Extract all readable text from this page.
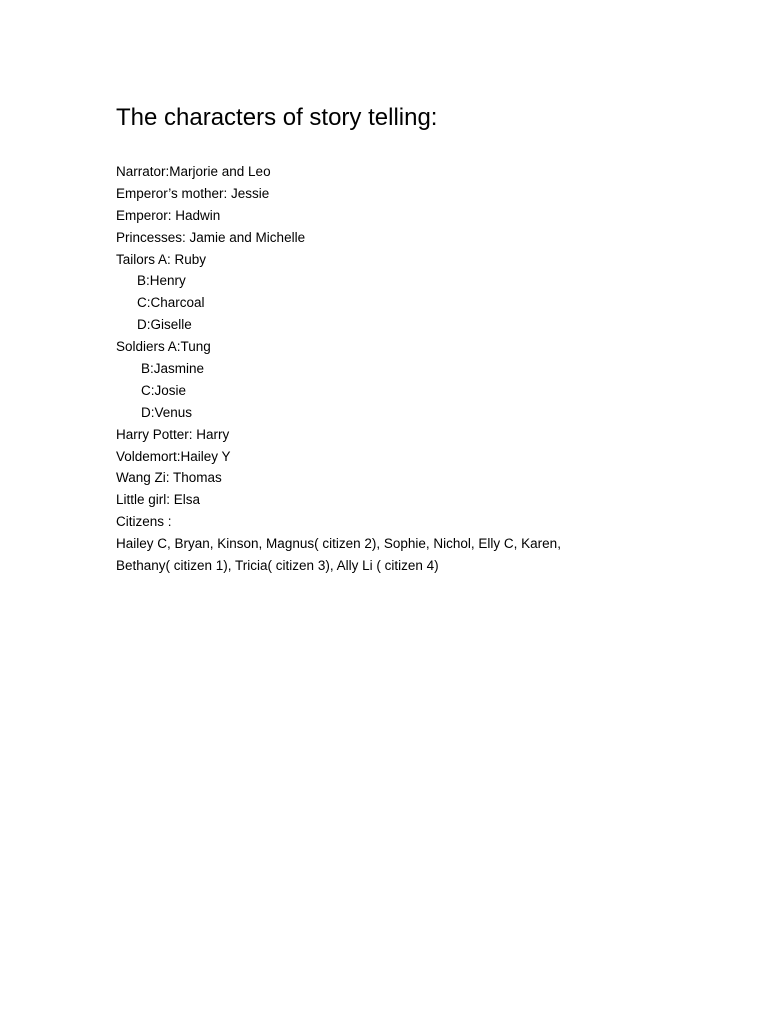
The characters of story telling:
Narrator:Marjorie and Leo
Emperor’s mother: Jessie
Emperor: Hadwin
Princesses: Jamie and Michelle
Tailors A: Ruby
B:Henry
C:Charcoal
D:Giselle
Soldiers A:Tung
B:Jasmine
C:Josie
D:Venus
Harry Potter: Harry
Voldemort:Hailey Y
Wang Zi: Thomas
Little girl: Elsa
Citizens :
Hailey C, Bryan, Kinson, Magnus( citizen 2), Sophie, Nichol, Elly C, Karen,
Bethany( citizen 1), Tricia( citizen 3), Ally Li ( citizen 4)
